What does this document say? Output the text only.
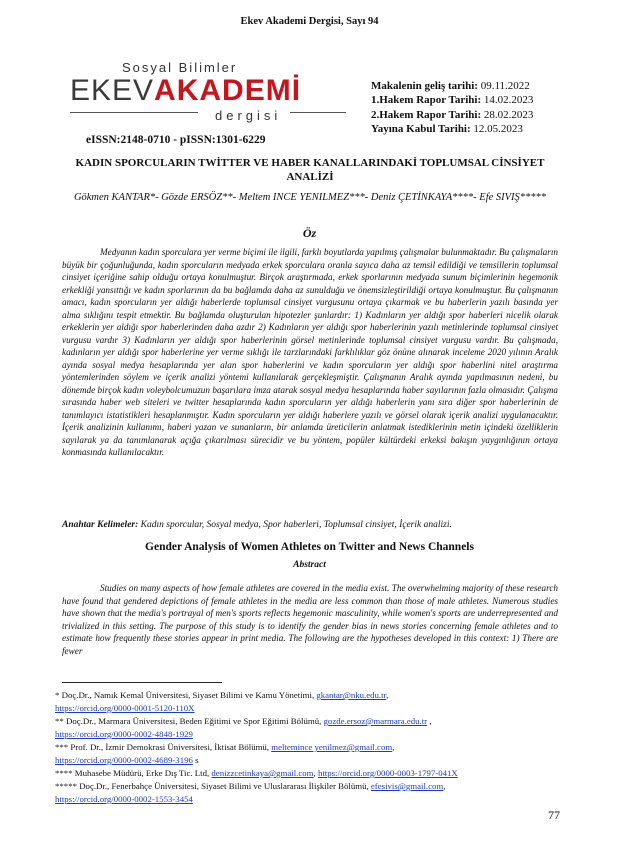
Ekev Akademi Dergisi, Sayı 94
Sosyal Bilimler
EKEVAKADEMİ
dergisi
eISSN:2148-0710 - pISSN:1301-6229
Makalenin geliş tarihi: 09.11.2022
1.Hakem Rapor Tarihi: 14.02.2023
2.Hakem Rapor Tarihi: 28.02.2023
Yayına Kabul Tarihi: 12.05.2023
KADIN SPORCULARIN TWİTTER VE HABER KANALLARINDAKİ TOPLUMSAL CİNSİYET ANALİZİ
Gökmen KANTAR*- Gözde ERSÖZ**- Meltem INCE YENILMEZ***- Deniz ÇETİNKAYA****- Efe SIVIŞ*****
Öz
Medyanın kadın sporculara yer verme biçimi ile ilgili, farklı boyutlarda yapılmış çalışmalar bulunmaktadır. Bu çalışmaların büyük bir çoğunluğunda, kadın sporcuların medyada erkek sporculara oranla sayıca daha az temsil edildiği ve temsillerin toplumsal cinsiyet içeriğine sahip olduğu ortaya konulmuştur. Birçok araştırmada, erkek sporlarının medyada sunum biçimlerinin hegemonik erkekliği yansıttığı ve kadın sporlarının da bu bağlamda daha az sunulduğu ve önemsizleştirildiği ortaya konulmuştur. Bu çalışmanın amacı, kadın sporcuların yer aldığı haberlerde toplumsal cinsiyet vurgusunu ortaya çıkarmak ve bu haberlerin yazılı basında yer alma sıklığını tespit etmektir. Bu bağlamda oluşturulan hipotezler şunlardır: 1) Kadınların yer aldığı spor haberleri nicelik olarak erkeklerin yer aldığı spor haberlerinden daha azdır 2) Kadınların yer aldığı spor haberlerinin yazılı metinlerinde toplumsal cinsiyet vurgusu vardır 3) Kadınların yer aldığı spor haberlerinin görsel metinlerinde toplumsal cinsiyet vurgusu vardır. Bu çalışmada, kadınların yer aldığı spor haberlerine yer verme sıklığı ile tarzlarındaki farklılıklar göz önüne alınarak inceleme 2020 yılının Aralık ayında sosyal medya hesaplarında yer alan spor haberlerini ve kadın sporcuların yer aldığı spor haberlini nitel araştırma yöntemlerinden söylem ve içerik analizi yöntemi kullanılarak gerçekleşmiştir. Çalışmanın Aralık ayında yapılmasının nedeni, bu dönemde birçok kadın voleybolcumuzun başarılara imza atarak sosyal medya hesaplarında haber sayılarının fazla olmasıdır. Çalışma sırasında haber web siteleri ve twitter hesaplarında kadın sporcuların yer aldığı haberlerin yanı sıra diğer spor haberlerinin de tanımlayıcı istatistikleri hesaplanmıştır. Kadın sporcuların yer aldığı haberlere yazılı ve görsel olarak içerik analizi uygulanacaktır. İçerik analizinin kullanımı, haberi yazan ve sunanların, bir anlamda üreticilerin anlatmak istediklerinin metin içindeki özelliklerin sayılarak ya da tanımlanarak açığa çıkarılması sürecidir ve bu yöntem, popüler kültürdeki erkeksi bakışın yaygınlığının ortaya konmasında kullanılacaktır.
Anahtar Kelimeler: Kadın sporcular, Sosyal medya, Spor haberleri, Toplumsal cinsiyet, İçerik analizi.
Gender Analysis of Women Athletes on Twitter and News Channels
Abstract
Studies on many aspects of how female athletes are covered in the media exist. The overwhelming majority of these research have found that gendered depictions of female athletes in the media are less common than those of male athletes. Numerous studies have shown that the media's portrayal of men's sports reflects hegemonic masculinity, while women's sports are underrepresented and trivialized in this setting. The purpose of this study is to identify the gender bias in news stories concerning female athletes and to estimate how frequently these stories appear in print media. The following are the hypotheses developed in this context: 1) There are fewer
* Doç.Dr., Namık Kemal Üniversitesi, Siyaset Bilimi ve Kamu Yönetimi, gkantar@nku.edu.tr,
https://orcid.org/0000-0001-5120-110X
** Doç.Dr., Marmara Üniversitesi, Beden Eğitimi ve Spor Eğitimi Bölümü, gozde.ersoz@marmara.edu.tr ,
https://orcid.org/0000-0002-4848-1929
*** Prof. Dr., İzmir Demokrasi Üniversitesi, İktisat Bölümü, meltemince yenilmez@gmail.com,
https://orcid.org/0000-0002-4689-3196 s
**** Muhasebe Müdürü, Erke Dış Tic. Ltd, denizzcetinkaya@gmail.com, https://orcid.org/0000-0003-1797-041X
***** Doç.Dr., Fenerbahçe Üniversitesi, Siyaset Bilimi ve Uluslararası İlişkiler Bölümü, efesivis@gmail.com,
https://orcid.org/0000-0002-1553-3454
77
